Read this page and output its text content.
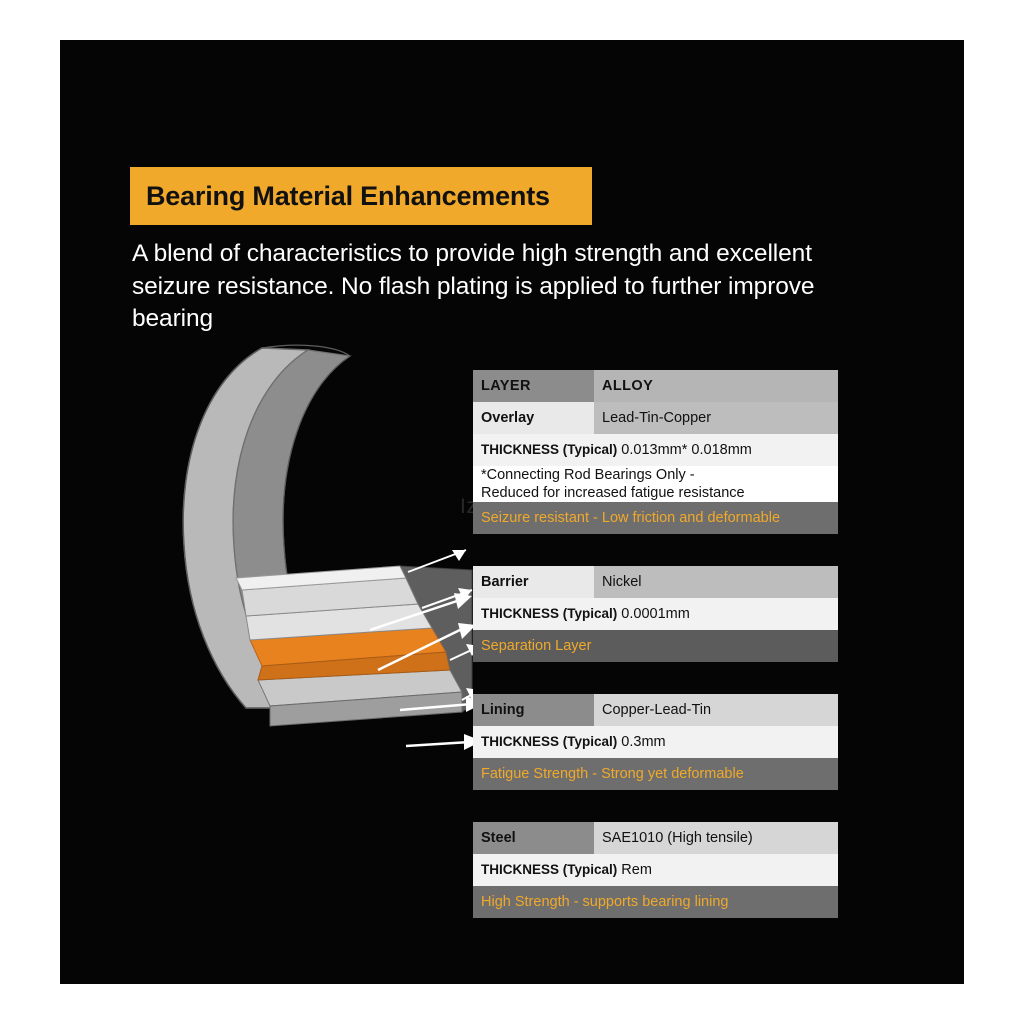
Bearing Material Enhancements
A blend of characteristics to provide high strength and excellent seizure resistance. No flash plating is applied to further improve bearing
LAYER	ALLOY
Overlay	Lead-Tin-Copper
THICKNESS (Typical) 0.013mm* 0.018mm	

*Connecting Rod Bearings Only -
Reduced for increased fatigue resistance	

Seizure resistant - Low friction and deformable	

Barrier	Nickel
THICKNESS (Typical) 0.0001mm	
Separation Layer	

Lining	Copper-Lead-Tin
THICKNESS (Typical) 0.3mm	
Fatigue Strength - Strong yet deformable	

Steel	SAE1010 (High tensile)
THICKNESS (Typical) Rem	
High Strength - supports bearing lining	
